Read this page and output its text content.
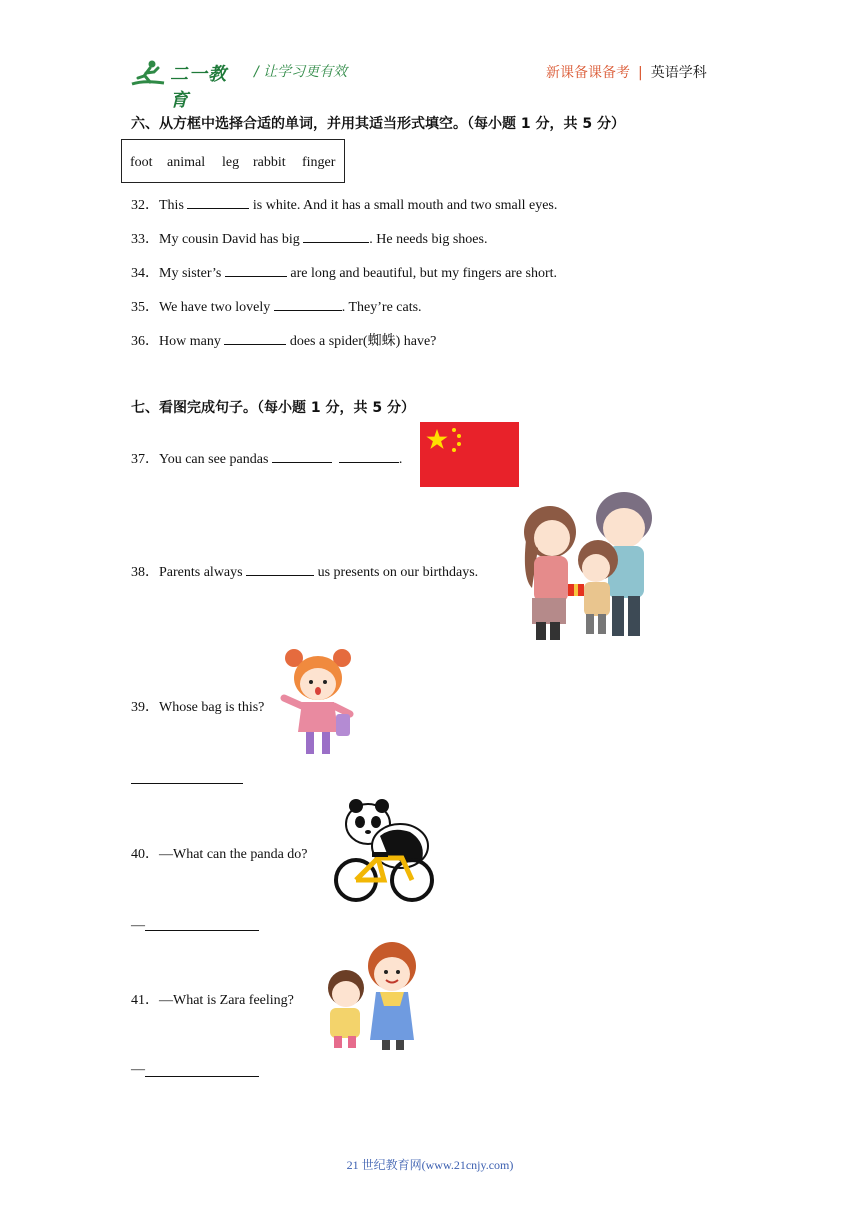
二一教育
/ 让学习更有效	新课备课备考 | 英语学科
六、从方框中选择合适的单词，并用其适当形式填空。（每小题 1 分，共 5 分）
foot animal leg rabbit finger
32．This	is white. And it has a small mouth and two small eyes.
33．My cousin David has big	. He needs big shoes.
34．My sister’s	are long and beautiful, but my fingers are short.
35．We have two lovely	. They’re cats.
36．How many	does a spider(蜘蛛) have?
七、看图完成句子。（每小题 1 分，共 5 分）
37．You can see pandas	.
38．Parents always	us presents on our birthdays.
39．Whose bag is this?
40．—What can the panda do?
—
41．—What is Zara feeling?
—
21 世纪教育网(www.21cnjy.com)
